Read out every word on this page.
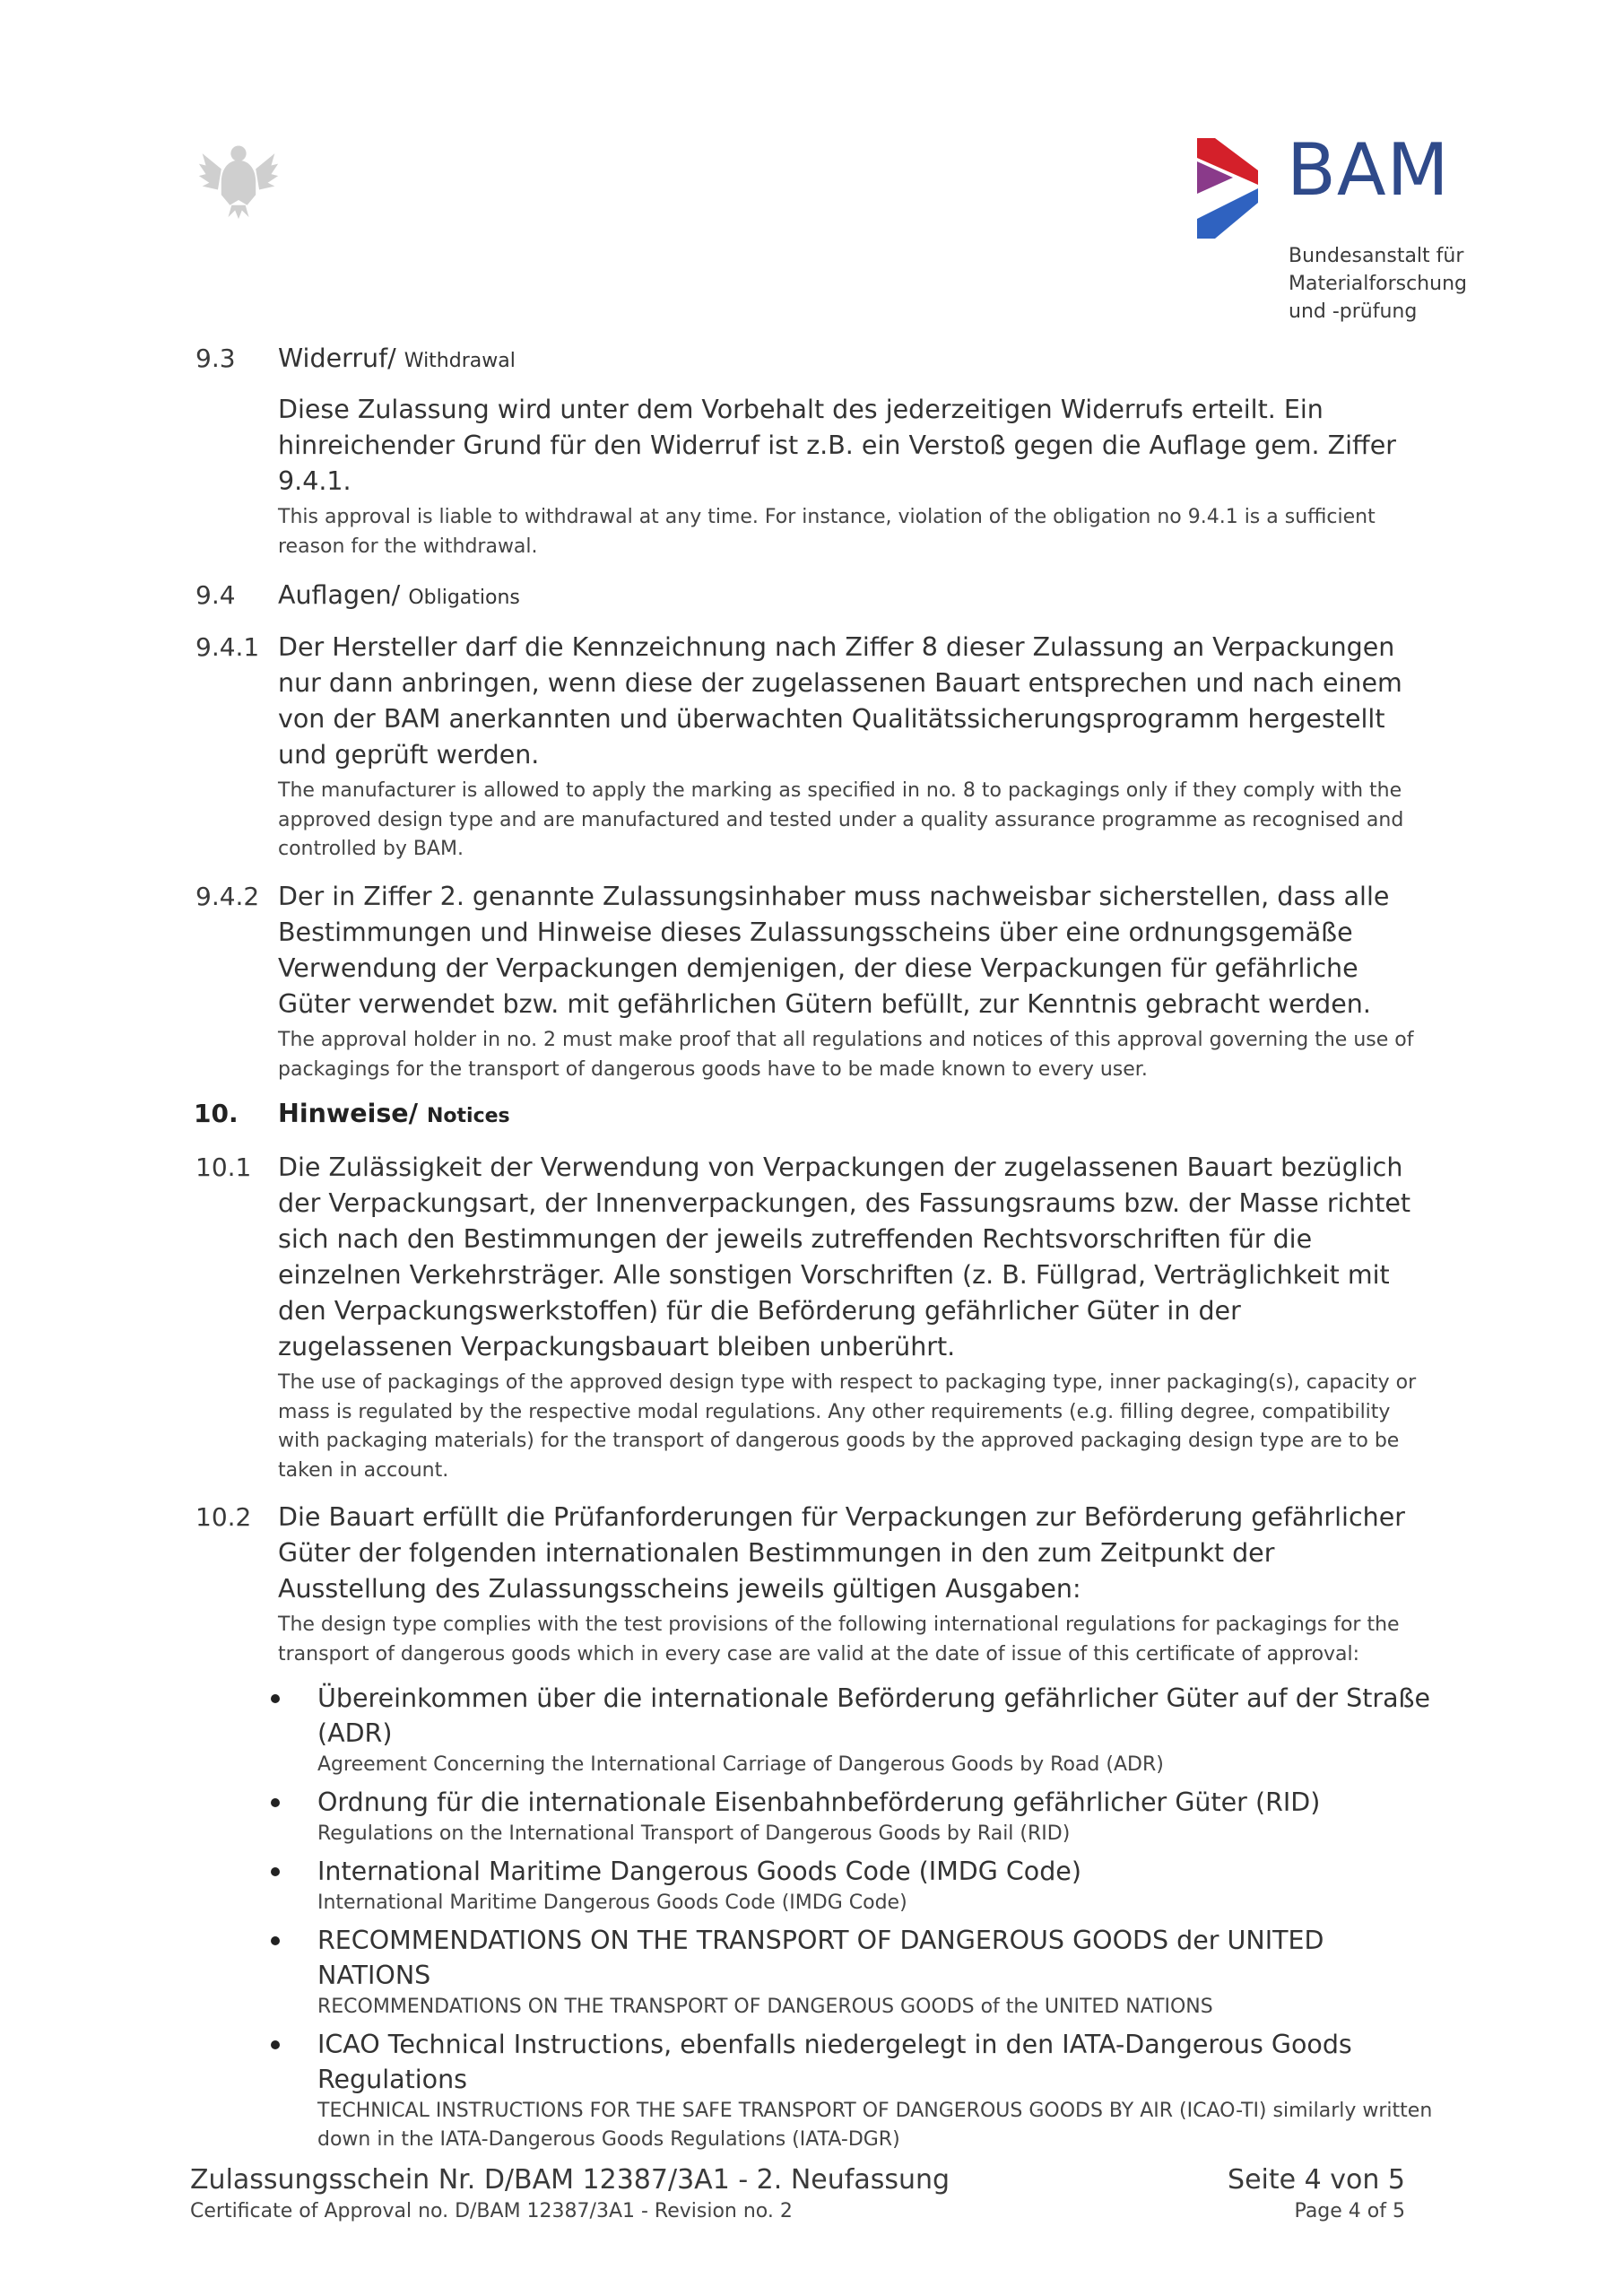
BAM
Bundesanstalt für
Materialforschung
und -prüfung
9.3 Widerruf/ Withdrawal
Diese Zulassung wird unter dem Vorbehalt des jederzeitigen Widerrufs erteilt. Ein hinreichender Grund für den Widerruf ist z.B. ein Verstoß gegen die Auflage gem. Ziffer 9.4.1.
This approval is liable to withdrawal at any time. For instance, violation of the obligation no 9.4.1 is a sufficient reason for the withdrawal.
9.4 Auflagen/ Obligations
9.4.1 Der Hersteller darf die Kennzeichnung nach Ziffer 8 dieser Zulassung an Verpackungen nur dann anbringen, wenn diese der zugelassenen Bauart entsprechen und nach einem von der BAM anerkannten und überwachten Qualitätssicherungsprogramm hergestellt und geprüft werden.
The manufacturer is allowed to apply the marking as specified in no. 8 to packagings only if they comply with the approved design type and are manufactured and tested under a quality assurance programme as recognised and controlled by BAM.
9.4.2 Der in Ziffer 2. genannte Zulassungsinhaber muss nachweisbar sicherstellen, dass alle Bestimmungen und Hinweise dieses Zulassungsscheins über eine ordnungsgemäße Verwendung der Verpackungen demjenigen, der diese Verpackungen für gefährliche Güter verwendet bzw. mit gefährlichen Gütern befüllt, zur Kenntnis gebracht werden.
The approval holder in no. 2 must make proof that all regulations and notices of this approval governing the use of packagings for the transport of dangerous goods have to be made known to every user.
10. Hinweise/ Notices
10.1 Die Zulässigkeit der Verwendung von Verpackungen der zugelassenen Bauart bezüglich der Verpackungsart, der Innenverpackungen, des Fassungsraums bzw. der Masse richtet sich nach den Bestimmungen der jeweils zutreffenden Rechtsvorschriften für die einzelnen Verkehrsträger. Alle sonstigen Vorschriften (z. B. Füllgrad, Verträglichkeit mit den Verpackungswerkstoffen) für die Beförderung gefährlicher Güter in der zugelassenen Verpackungsbauart bleiben unberührt.
The use of packagings of the approved design type with respect to packaging type, inner packaging(s), capacity or mass is regulated by the respective modal regulations. Any other requirements (e.g. filling degree, compatibility with packaging materials) for the transport of dangerous goods by the approved packaging design type are to be taken in account.
10.2 Die Bauart erfüllt die Prüfanforderungen für Verpackungen zur Beförderung gefährlicher Güter der folgenden internationalen Bestimmungen in den zum Zeitpunkt der Ausstellung des Zulassungsscheins jeweils gültigen Ausgaben:
The design type complies with the test provisions of the following international regulations for packagings for the transport of dangerous goods which in every case are valid at the date of issue of this certificate of approval:
Übereinkommen über die internationale Beförderung gefährlicher Güter auf der Straße (ADR)
Agreement Concerning the International Carriage of Dangerous Goods by Road (ADR)
Ordnung für die internationale Eisenbahnbeförderung gefährlicher Güter (RID)
Regulations on the International Transport of Dangerous Goods by Rail (RID)
International Maritime Dangerous Goods Code (IMDG Code)
International Maritime Dangerous Goods Code (IMDG Code)
RECOMMENDATIONS ON THE TRANSPORT OF DANGEROUS GOODS der UNITED NATIONS
RECOMMENDATIONS ON THE TRANSPORT OF DANGEROUS GOODS of the UNITED NATIONS
ICAO Technical Instructions, ebenfalls niedergelegt in den IATA-Dangerous Goods Regulations
TECHNICAL INSTRUCTIONS FOR THE SAFE TRANSPORT OF DANGEROUS GOODS BY AIR (ICAO-TI) similarly written down in the IATA-Dangerous Goods Regulations (IATA-DGR)
Zulassungsschein Nr. D/BAM 12387/3A1 - 2. Neufassung
Certificate of Approval no. D/BAM 12387/3A1 - Revision no. 2
Seite 4 von 5
Page 4 of 5
